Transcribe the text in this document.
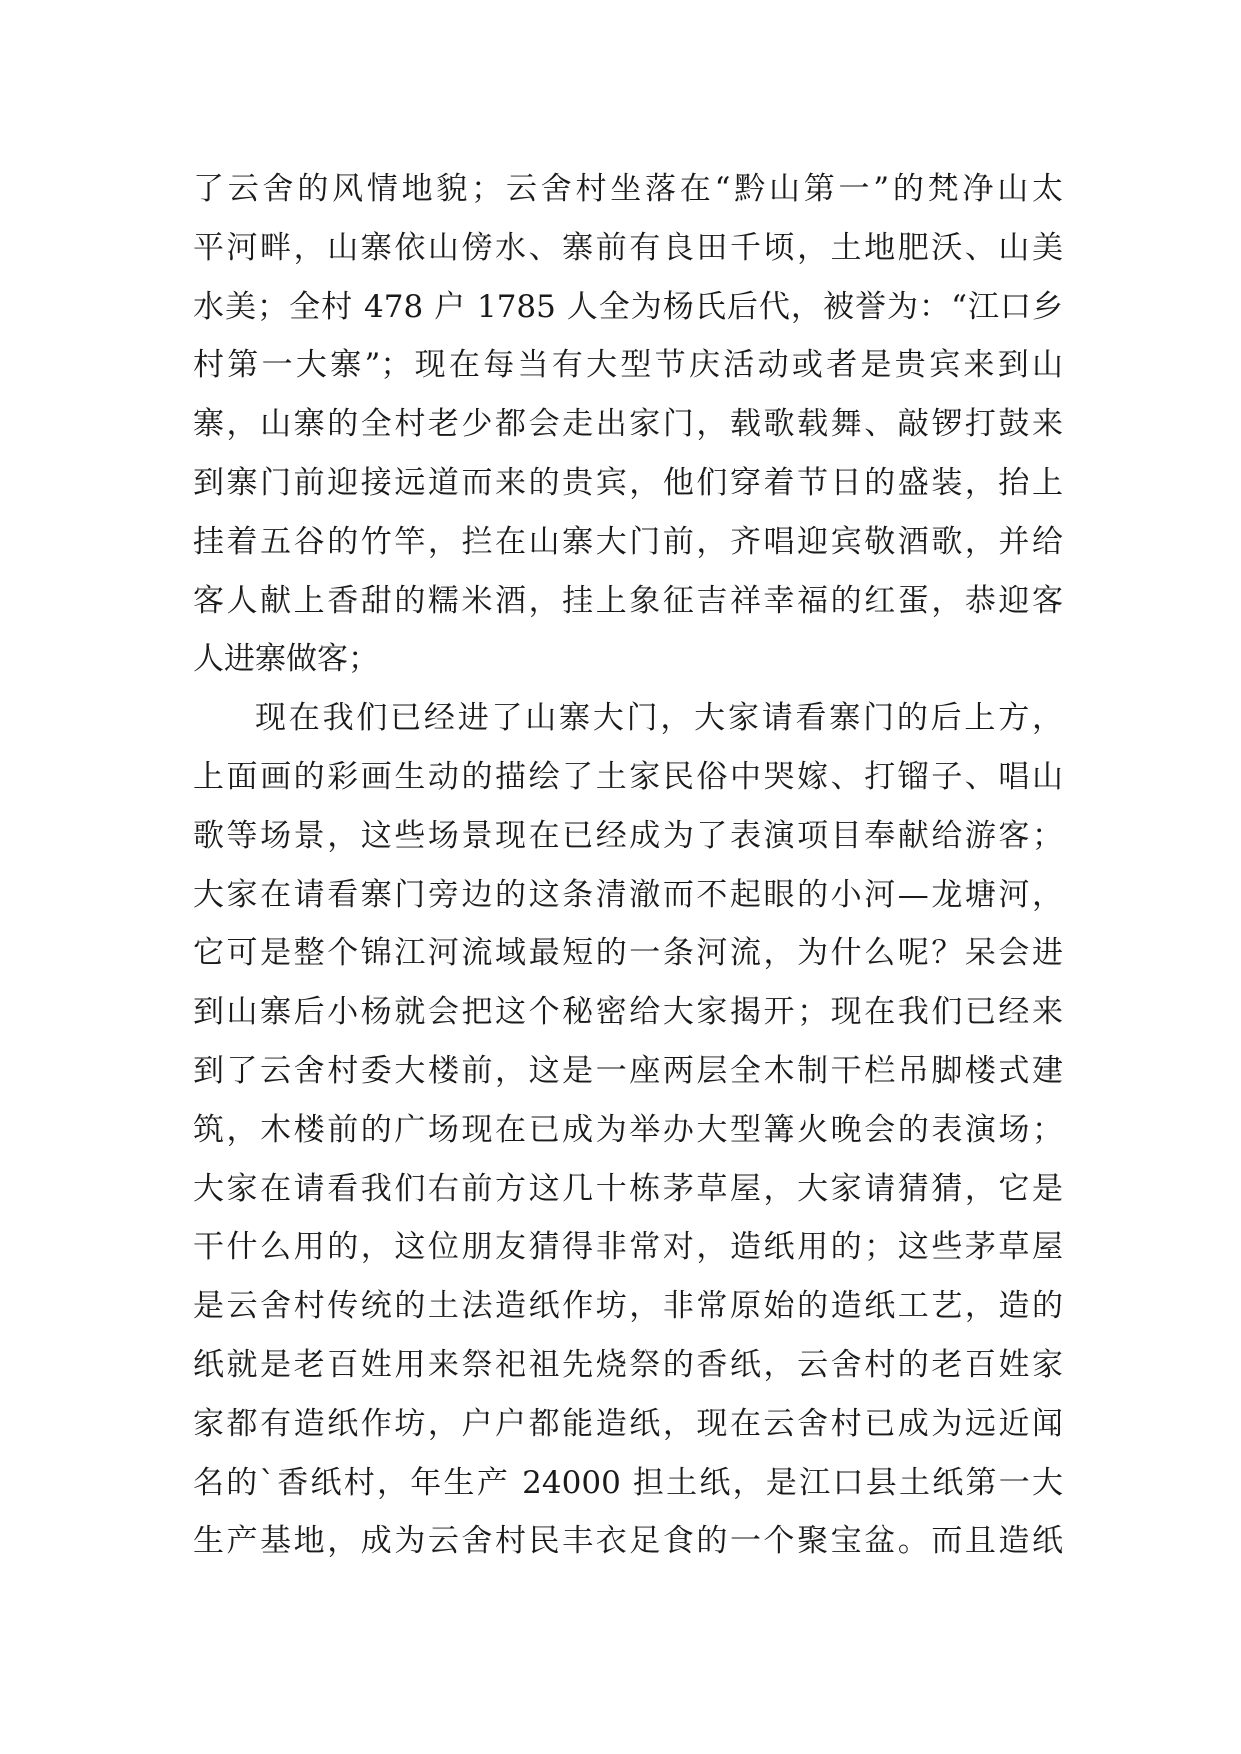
了云舍的风情地貌；云舍村坐落在“黔山第一”的梵净山太
平河畔，山寨依山傍水、寨前有良田千顷，土地肥沃、山美
水美；全村 478 户 1785 人全为杨氏后代，被誉为：“江口乡
村第一大寨”；现在每当有大型节庆活动或者是贵宾来到山
寨，山寨的全村老少都会走出家门，载歌载舞、敲锣打鼓来
到寨门前迎接远道而来的贵宾，他们穿着节日的盛装，抬上
挂着五谷的竹竿，拦在山寨大门前，齐唱迎宾敬酒歌，并给
客人献上香甜的糯米酒，挂上象征吉祥幸福的红蛋，恭迎客
人进寨做客；
现在我们已经进了山寨大门，大家请看寨门的后上方，
上面画的彩画生动的描绘了土家民俗中哭嫁、打镏子、唱山
歌等场景，这些场景现在已经成为了表演项目奉献给游客；
大家在请看寨门旁边的这条清澈而不起眼的小河—龙塘河，
它可是整个锦江河流域最短的一条河流，为什么呢？呆会进
到山寨后小杨就会把这个秘密给大家揭开；现在我们已经来
到了云舍村委大楼前，这是一座两层全木制干栏吊脚楼式建
筑，木楼前的广场现在已成为举办大型篝火晚会的表演场；
大家在请看我们右前方这几十栋茅草屋，大家请猜猜，它是
干什么用的，这位朋友猜得非常对，造纸用的；这些茅草屋
是云舍村传统的土法造纸作坊，非常原始的造纸工艺，造的
纸就是老百姓用来祭祀祖先烧祭的香纸，云舍村的老百姓家
家都有造纸作坊，户户都能造纸，现在云舍村已成为远近闻
名的`香纸村，年生产 24000 担土纸，是江口县土纸第一大
生产基地，成为云舍村民丰衣足食的一个聚宝盆。而且造纸
